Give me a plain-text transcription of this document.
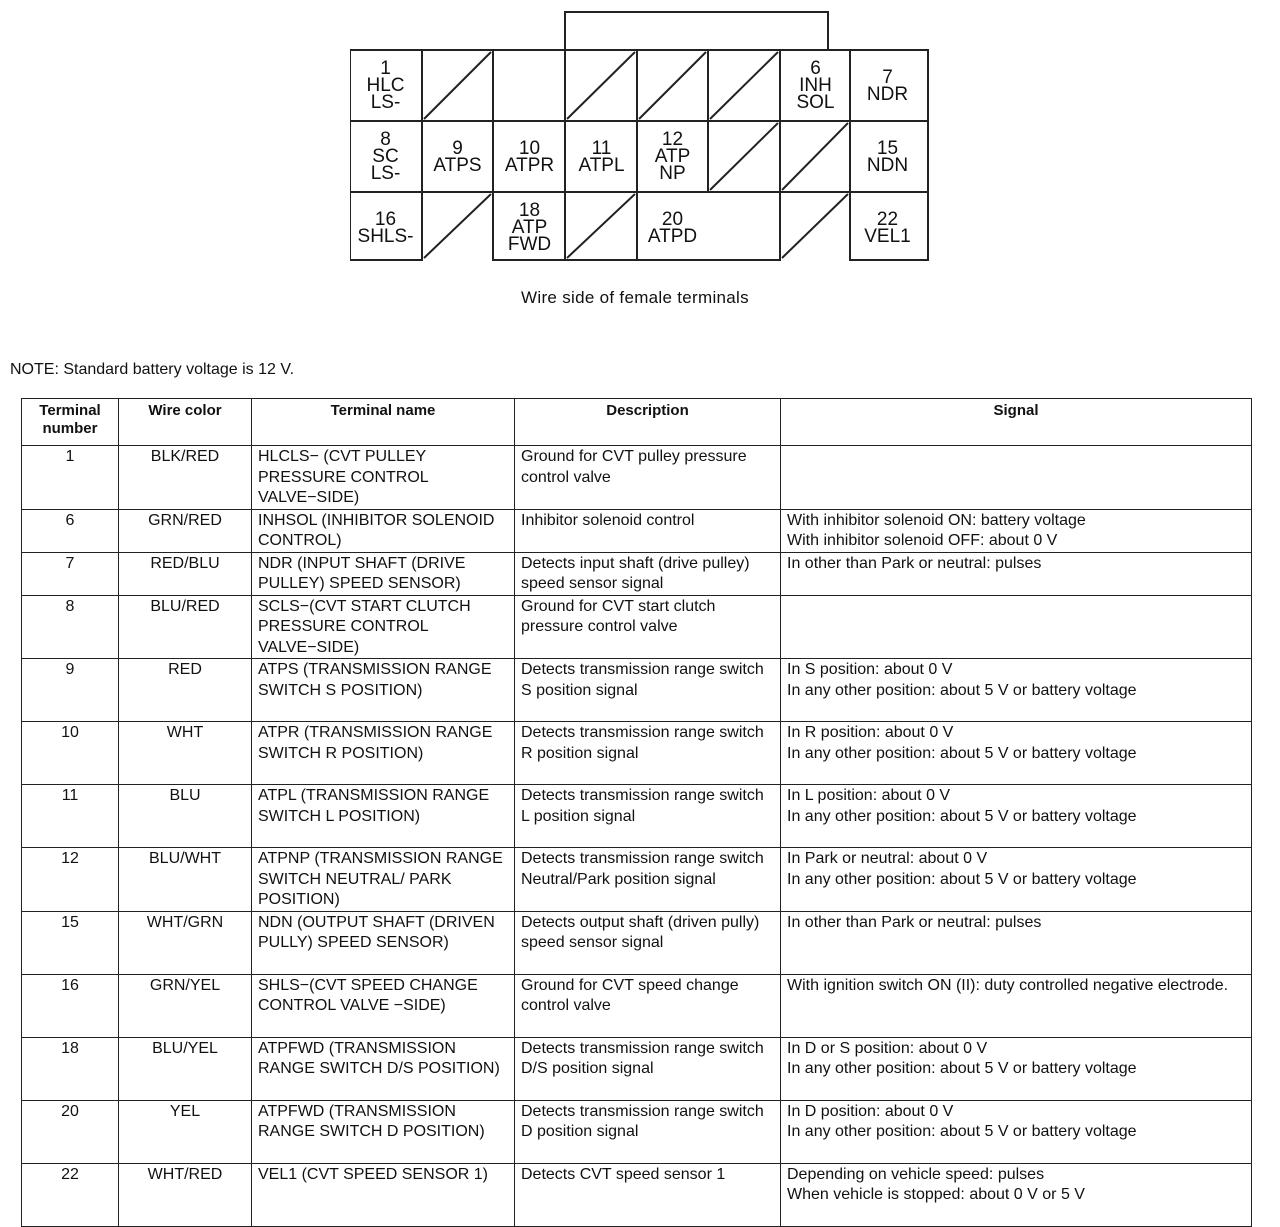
1
HLC
LS-
6
INH
SOL
7
NDR
8
SC
LS-
9
ATPS
10
ATPR
11
ATPL
12
ATP
NP
15
NDN
16
SHLS-
18
ATP
FWD
20
ATPD
22
VEL1
Wire side of female terminals
NOTE: Standard battery voltage is 12 V.
Terminal number	Wire color	Terminal name	Description	Signal
1	BLK/RED	HLCLS− (CVT PULLEY PRESSURE CONTROL VALVE−SIDE)	Ground for CVT pulley pressure control valve	
6	GRN/RED	INHSOL (INHIBITOR SOLENOID CONTROL)	Inhibitor solenoid control	With inhibitor solenoid ON: battery voltage
With inhibitor solenoid OFF: about 0 V
7	RED/BLU	NDR (INPUT SHAFT (DRIVE PULLEY) SPEED SENSOR)	Detects input shaft (drive pulley) speed sensor signal	In other than Park or neutral: pulses
8	BLU/RED	SCLS−(CVT START CLUTCH PRESSURE CONTROL VALVE−SIDE)	Ground for CVT start clutch pressure control valve	
9	RED	ATPS (TRANSMISSION RANGE SWITCH S POSITION)	Detects transmission range switch S position signal	In S position: about 0 V
In any other position: about 5 V or battery voltage
10	WHT	ATPR (TRANSMISSION RANGE SWITCH R POSITION)	Detects transmission range switch R position signal	In R position: about 0 V
In any other position: about 5 V or battery voltage
11	BLU	ATPL (TRANSMISSION RANGE SWITCH L POSITION)	Detects transmission range switch L position signal	In L position: about 0 V
In any other position: about 5 V or battery voltage
12	BLU/WHT	ATPNP (TRANSMISSION RANGE SWITCH NEUTRAL/ PARK POSITION)	Detects transmission range switch Neutral/Park position signal	In Park or neutral: about 0 V
In any other position: about 5 V or battery voltage
15	WHT/GRN	NDN (OUTPUT SHAFT (DRIVEN PULLY) SPEED SENSOR)	Detects output shaft (driven pully) speed sensor signal	In other than Park or neutral: pulses
16	GRN/YEL	SHLS−(CVT SPEED CHANGE CONTROL VALVE −SIDE)	Ground for CVT speed change control valve	With ignition switch ON (II): duty controlled negative electrode.
18	BLU/YEL	ATPFWD (TRANSMISSION RANGE SWITCH D/S POSITION)	Detects transmission range switch D/S position signal	In D or S position: about 0 V
In any other position: about 5 V or battery voltage
20	YEL	ATPFWD (TRANSMISSION RANGE SWITCH D POSITION)	Detects transmission range switch D position signal	In D position: about 0 V
In any other position: about 5 V or battery voltage
22	WHT/RED	VEL1 (CVT SPEED SENSOR 1)	Detects CVT speed sensor 1	Depending on vehicle speed: pulses
When vehicle is stopped: about 0 V or 5 V
